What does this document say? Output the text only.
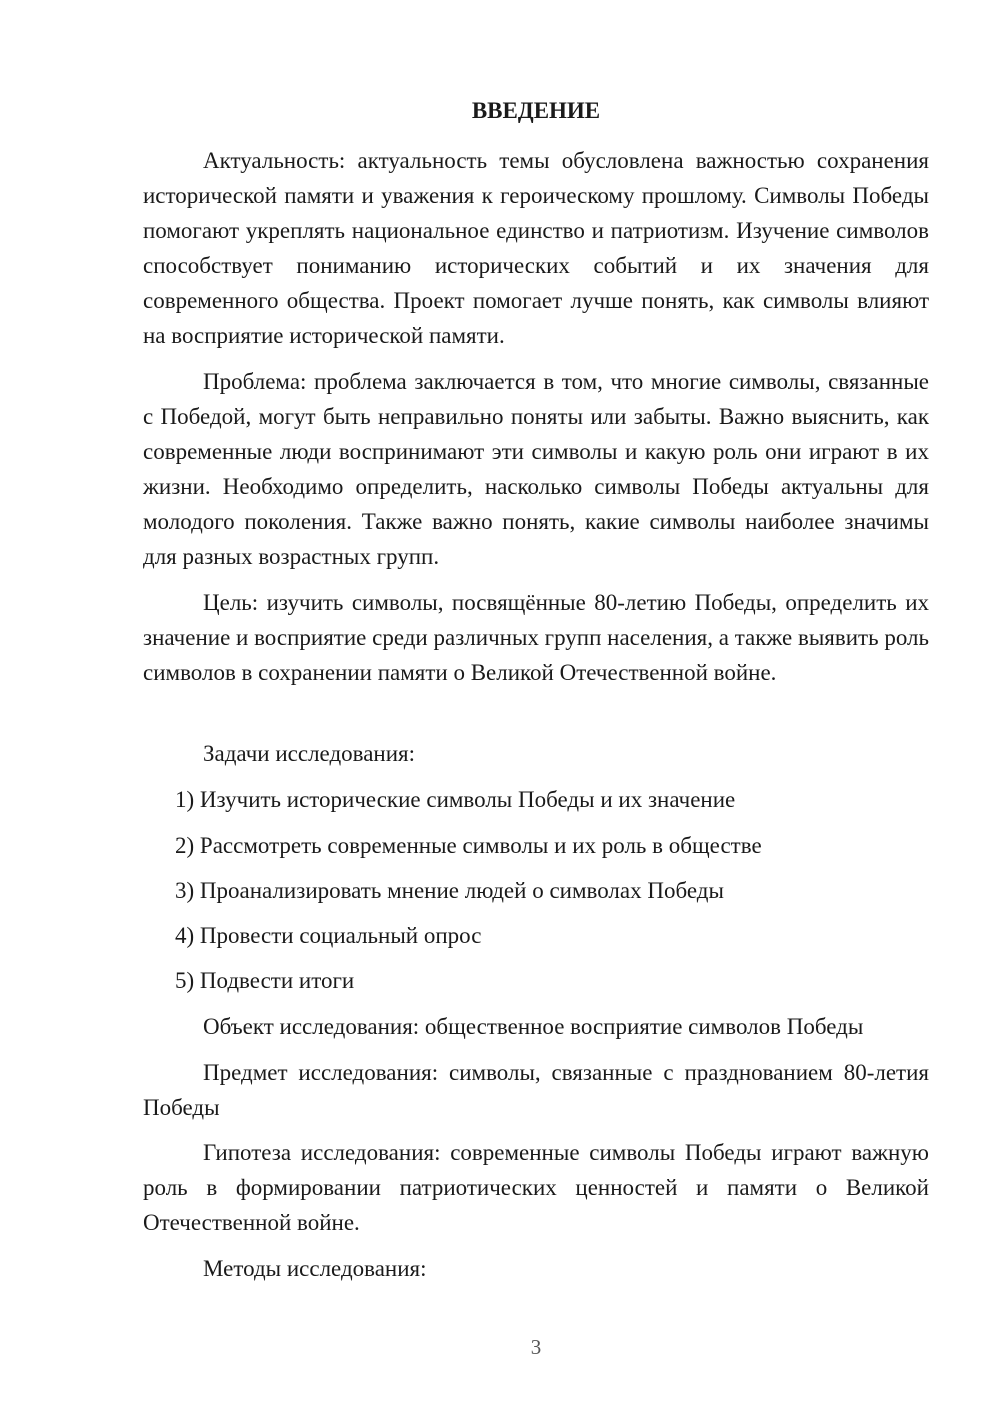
ВВЕДЕНИЕ

Актуальность: актуальность темы обусловлена важностью сохранения исторической памяти и уважения к героическому прошлому. Символы Победы помогают укреплять национальное единство и патриотизм. Изучение символов способствует пониманию исторических событий и их значения для современного общества. Проект помогает лучше понять, как символы влияют на восприятие исторической памяти.

Проблема: проблема заключается в том, что многие символы, связанные с Победой, могут быть неправильно поняты или забыты. Важно выяснить, как современные люди воспринимают эти символы и какую роль они играют в их жизни. Необходимо определить, насколько символы Победы актуальны для молодого поколения. Также важно понять, какие символы наиболее значимы для разных возрастных групп.

Цель: изучить символы, посвящённые 80-летию Победы, определить их значение и восприятие среди различных групп населения, а также выявить роль символов в сохранении памяти о Великой Отечественной войне.

Задачи исследования:

1) Изучить исторические символы Победы и их значение

2) Рассмотреть современные символы и их роль в обществе

3) Проанализировать мнение людей о символах Победы

4) Провести социальный опрос

5) Подвести итоги

Объект исследования: общественное восприятие символов Победы

Предмет исследования: символы, связанные с празднованием 80-летия Победы

Гипотеза исследования: современные символы Победы играют важную роль в формировании патриотических ценностей и памяти о Великой Отечественной войне.

Методы исследования:

3
